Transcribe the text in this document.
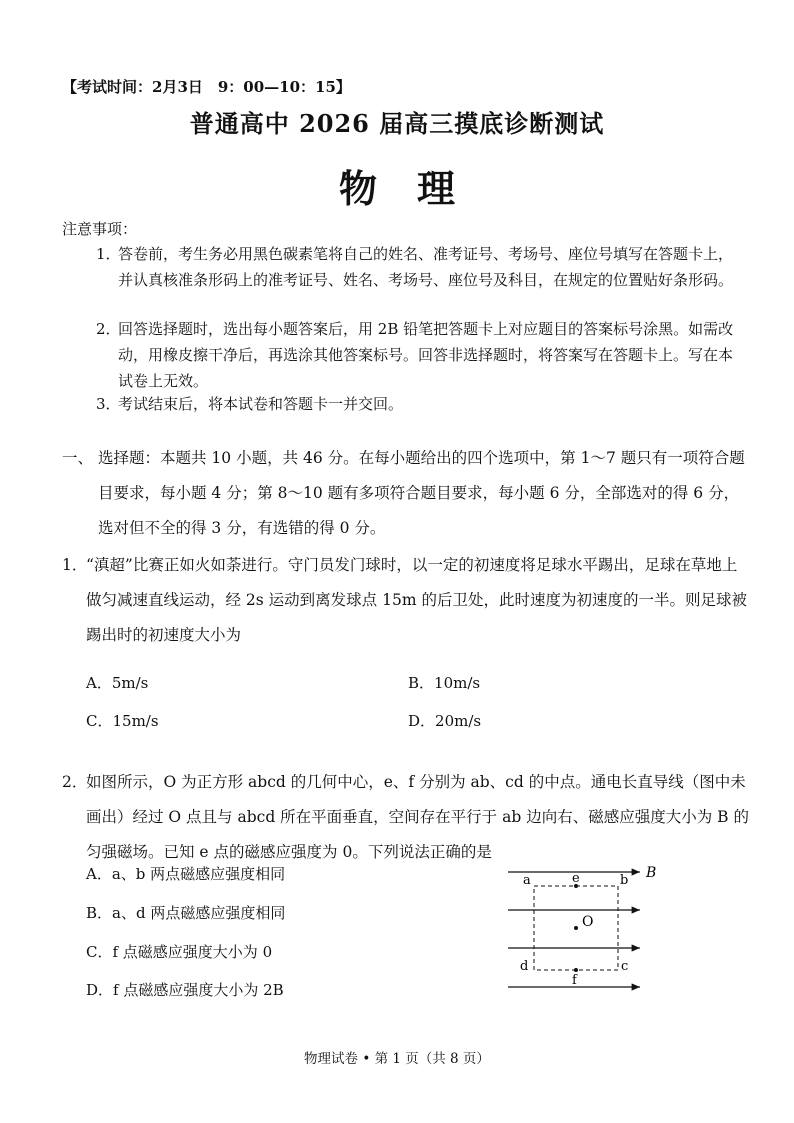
【考试时间：2月3日　9：00—10：15】
普通高中 2026 届高三摸底诊断测试
物理
注意事项：
1．
答卷前，考生务必用黑色碳素笔将自己的姓名、准考证号、考场号、座位号填写在答题卡上，并认真核准条形码上的准考证号、姓名、考场号、座位号及科目，在规定的位置贴好条形码。
2．
回答选择题时，选出每小题答案后，用 2B 铅笔把答题卡上对应题目的答案标号涂黑。如需改动，用橡皮擦干净后，再选涂其他答案标号。回答非选择题时，将答案写在答题卡上。写在本试卷上无效。
3．
考试结束后，将本试卷和答题卡一并交回。
一、 选择题：本题共 10 小题，共 46 分。在每小题给出的四个选项中，第 1～7 题只有一项符合题目要求，每小题 4 分；第 8～10 题有多项符合题目要求，每小题 6 分，全部选对的得 6 分，选对但不全的得 3 分，有选错的得 0 分。
1．
“滇超”比赛正如火如荼进行。守门员发门球时，以一定的初速度将足球水平踢出，足球在草地上做匀减速直线运动，经 2s 运动到离发球点 15m 的后卫处，此时速度为初速度的一半。则足球被踢出时的初速度大小为
A．5m/s	B．10m/s
C．15m/s	D．20m/s
2．
如图所示，O 为正方形 abcd 的几何中心，e、f 分别为 ab、cd 的中点。通电长直导线（图中未画出）经过 O 点且与 abcd 所在平面垂直，空间存在平行于 ab 边向右、磁感应强度大小为 B 的匀强磁场。已知 e 点的磁感应强度为 0。下列说法正确的是
A．a、b 两点磁感应强度相同
B．a、d 两点磁感应强度相同
C．f 点磁感应强度大小为 0
D．f 点磁感应强度大小为 2B
a	b
c
d
e
f
O
B
物理试卷 • 第 1 页（共 8 页）
